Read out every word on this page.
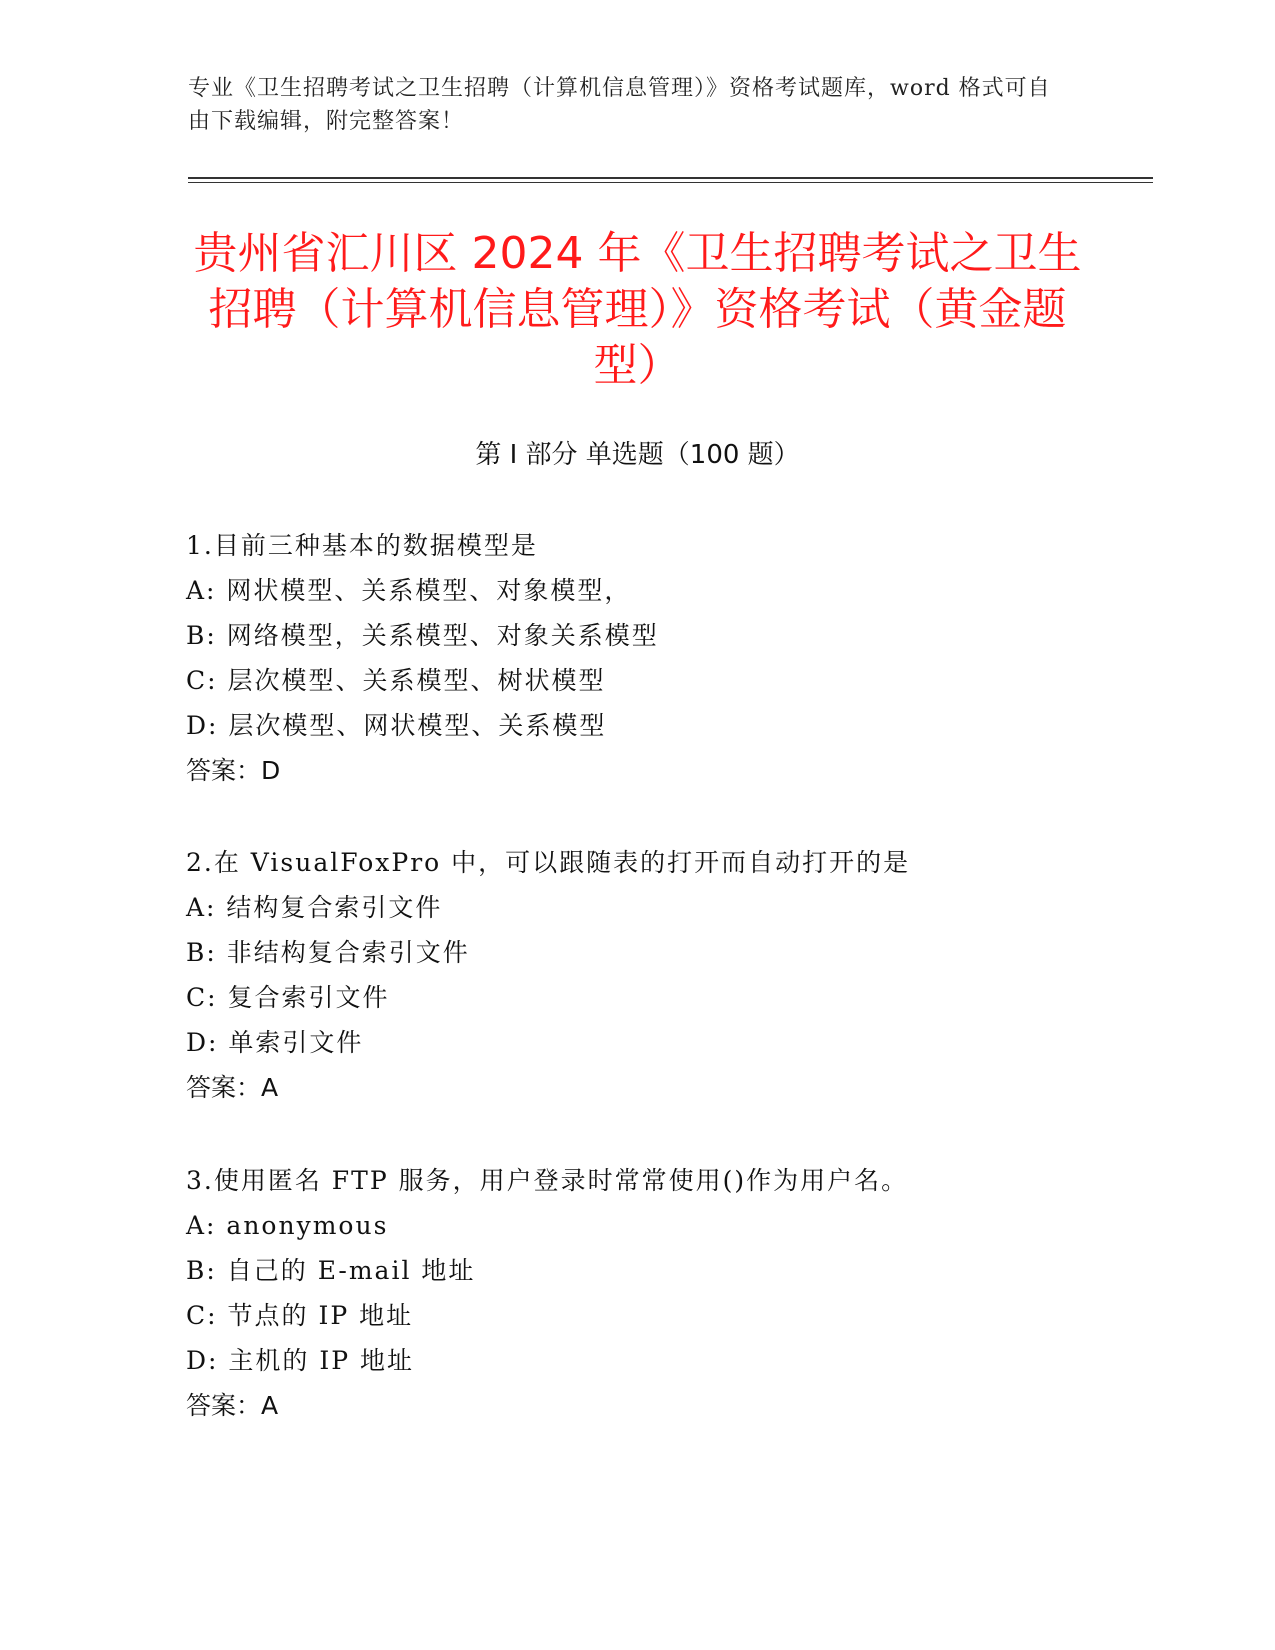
专业《卫生招聘考试之卫生招聘（计算机信息管理）》资格考试题库，word 格式可自由下载编辑，附完整答案！
贵州省汇川区 2024 年《卫生招聘考试之卫生招聘（计算机信息管理）》资格考试（黄金题型）
第 I 部分 单选题（100 题）
1.目前三种基本的数据模型是
A: 网状模型、关系模型、对象模型，
B: 网络模型，关系模型、对象关系模型
C: 层次模型、关系模型、树状模型
D: 层次模型、网状模型、关系模型
答案：D
2.在 VisualFoxPro 中，可以跟随表的打开而自动打开的是
A: 结构复合索引文件
B: 非结构复合索引文件
C: 复合索引文件
D: 单索引文件
答案：A
3.使用匿名 FTP 服务，用户登录时常常使用()作为用户名。
A: anonymous
B: 自己的 E-mail 地址
C: 节点的 IP 地址
D: 主机的 IP 地址
答案：A
